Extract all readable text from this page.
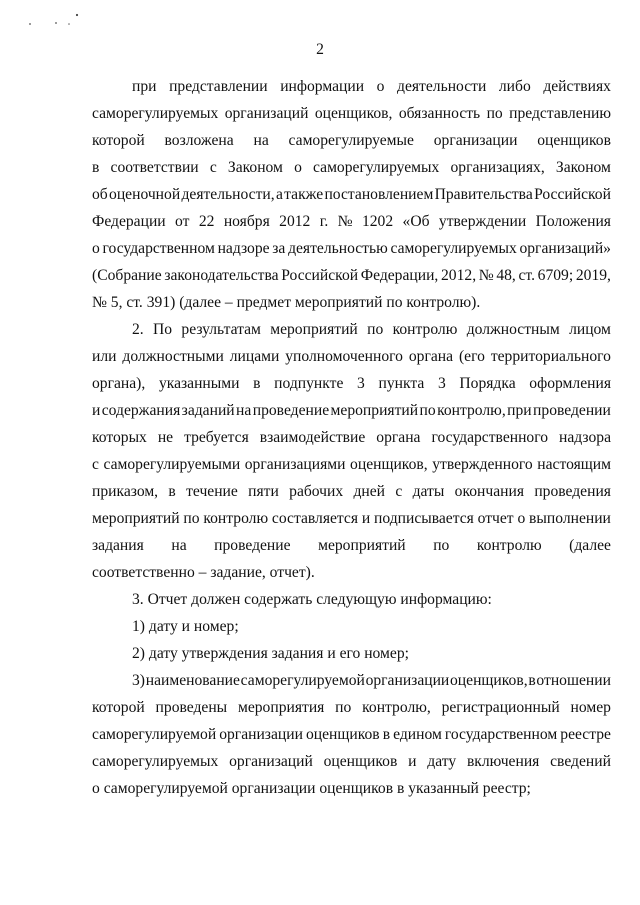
2
при представлении информации о деятельности либо действиях
саморегулируемых организаций оценщиков, обязанность по представлению
которой возложена на саморегулируемые организации оценщиков
в соответствии с Законом о саморегулируемых организациях, Законом
об оценочной деятельности, а также постановлением Правительства Российской
Федерации от 22 ноября 2012 г. № 1202 «Об утверждении Положения
о государственном надзоре за деятельностью саморегулируемых организаций»
(Собрание законодательства Российской Федерации, 2012, № 48, ст. 6709; 2019,
№ 5, ст. 391) (далее – предмет мероприятий по контролю).
2. По результатам мероприятий по контролю должностным лицом
или должностными лицами уполномоченного органа (его территориального
органа), указанными в подпункте 3 пункта 3 Порядка оформления
и содержания заданий на проведение мероприятий по контролю, при проведении
которых не требуется взаимодействие органа государственного надзора
с саморегулируемыми организациями оценщиков, утвержденного настоящим
приказом, в течение пяти рабочих дней с даты окончания проведения
мероприятий по контролю составляется и подписывается отчет о выполнении
задания на проведение мероприятий по контролю (далее
соответственно – задание, отчет).
3. Отчет должен содержать следующую информацию:
1) дату и номер;
2) дату утверждения задания и его номер;
3) наименование саморегулируемой организации оценщиков, в отношении
которой проведены мероприятия по контролю, регистрационный номер
саморегулируемой организации оценщиков в едином государственном реестре
саморегулируемых организаций оценщиков и дату включения сведений
о саморегулируемой организации оценщиков в указанный реестр;
